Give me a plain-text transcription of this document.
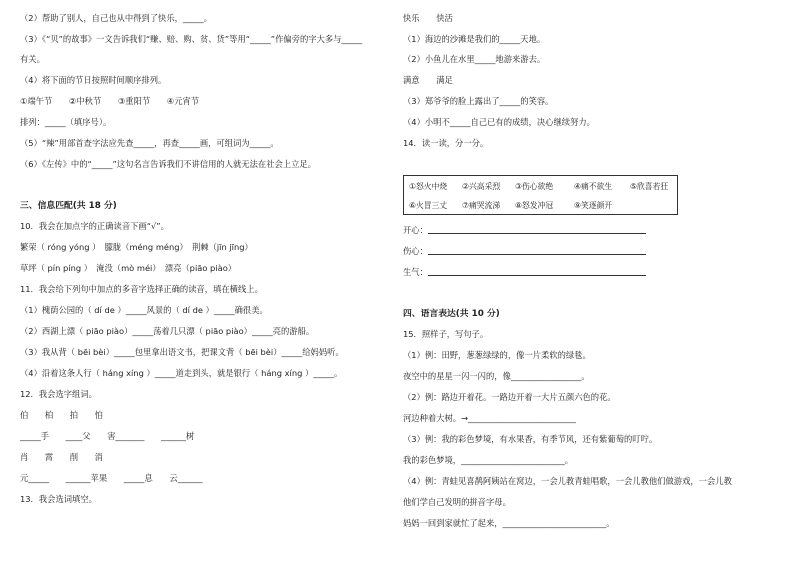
（2）帮助了别人，自己也从中得到了快乐，_____。
（3）《“贝”的故事》一文告诉我们“赚、赔、购、贫、货”等用“_____”作偏旁的字大多与_____
有关。
（4）将下面的节日按照时间顺序排列。
①端午节　　②中秋节　　③重阳节　　④元宵节
排列：_____（填序号）。
（5）“辣”用部首查字法应先查_____，再查_____画，可组词为_____。
（6）《左传》中的“_____”这句名言告诉我们不讲信用的人就无法在社会上立足。
三、信息匹配(共 18 分)
10．我会在加点字的正确读音下画“√”。
繁荣（ róng yóng ）　朦胧（méng méng）　荆棘（jīn jīng）
草坪（ pín píng ）　淹没（mò méi）　漂亮（piāo piào）
11．我会给下列句中加点的多音字选择正确的读音，填在横线上。
（1）槐荫公园的（ dí de ）_____风景的（ dí de ）_____确很美。
（2）西湖上漂（ piāo piào）_____荡着几只漂（ piāo piào）_____亮的游船。
（3）我从背（ bēi bèi）_____包里拿出语文书，把课文背（ bēi bèi）_____给妈妈听。
（4）沿着这条人行（ háng xíng ）_____道走到头，就是银行（ háng xíng ）_____。
12．我会选字组词。
伯　　柏　　拍　　怕
_____手　　____父　　害_______　　______树
肖　　霄　　削　　消
元_____　　______苹果　　_____息　　云______
13．我会选词填空。
快乐　　快活
（1）海边的沙滩是我们的_____天地。
（2）小鱼儿在水里_____地游来游去。
满意　　满足
（3）郑爷爷的脸上露出了_____的笑容。
（4）小明不_____自己已有的成绩，决心继续努力。
14．读一读，分一分。
①怒火中烧 ②兴高采烈 ③伤心欲绝	④痛不欲生 ⑤欣喜若狂
⑥火冒三丈 ⑦痛哭流涕 ⑧怒发冲冠	⑨笑逐颜开
开心：
伤心：
生气：
四、语言表达(共 10 分)
15．照样子，写句子。
（1）例：田野，葱葱绿绿的，像一片柔软的绿毯。
夜空中的星星一闪一闪的，像_________________。
（2）例：路边开着花。一路边开着一大片五颜六色的花。
河边种着大树。→__________________________
（3）例：我的彩色梦境，有水果香，有季节风，还有紫葡萄的叮咛。
我的彩色梦境，_________________________。
（4）例：青蛙见喜鹊阿姨站在窝边，一会儿教青蛙唱歌，一会儿教他们做游戏，一会儿教
他们学自己发明的拼音字母。
妈妈一回到家就忙了起来，_________________________。
